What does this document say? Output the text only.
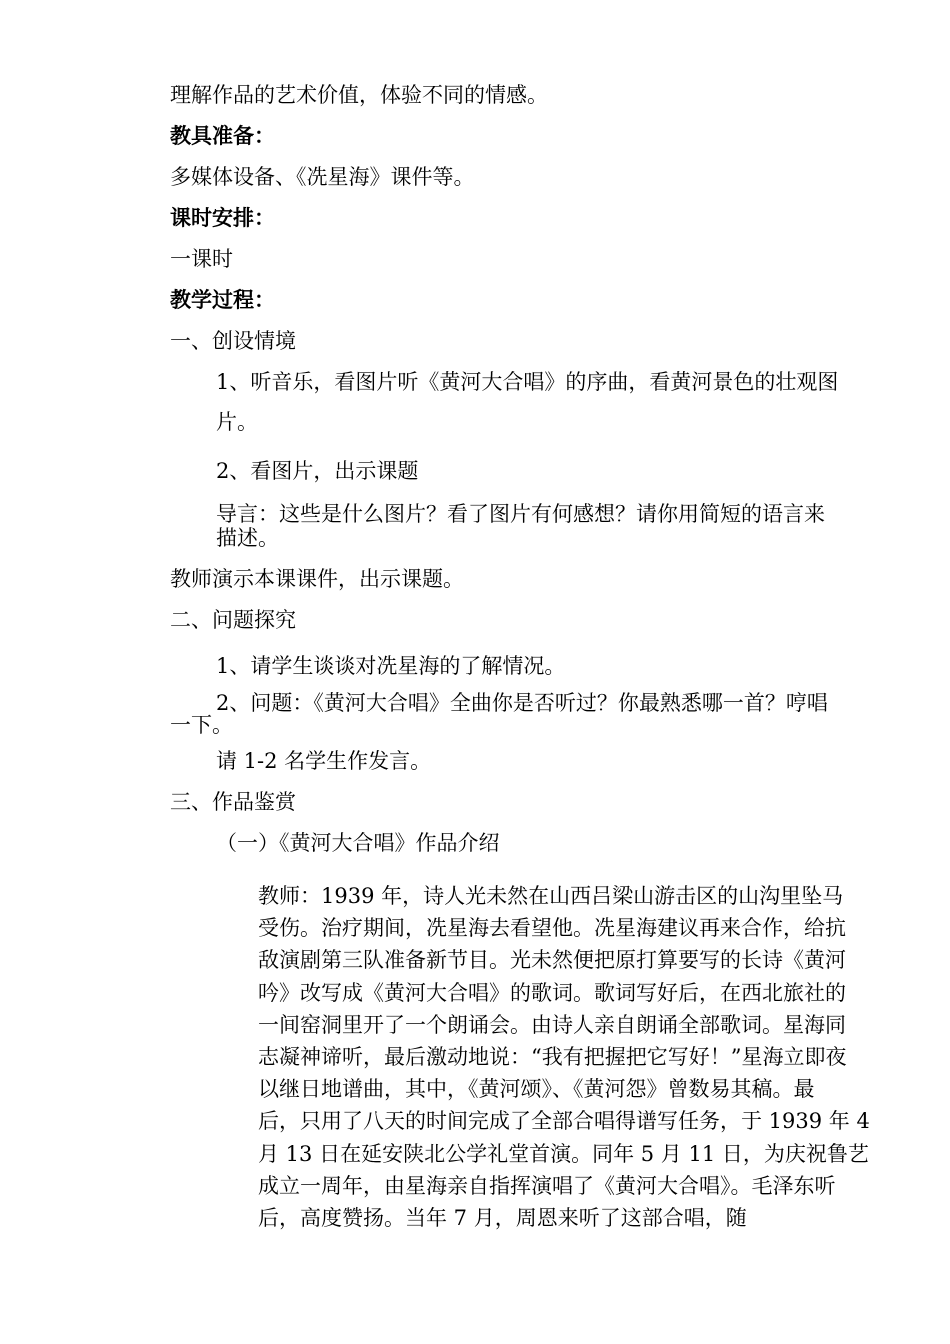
理解作品的艺术价值，体验不同的情感。
教具准备：
多媒体设备、《冼星海》课件等。
课时安排：
一课时
教学过程：
一、创设情境
1、听音乐，看图片听《黄河大合唱》的序曲，看黄河景色的壮观图
片。
2、看图片，出示课题
导言：这些是什么图片？看了图片有何感想？请你用简短的语言来
描述。
教师演示本课课件，出示课题。
二、问题探究
1、请学生谈谈对冼星海的了解情况。
2、问题：《黄河大合唱》全曲你是否听过？你最熟悉哪一首？哼唱
一下。
请 1-2 名学生作发言。
三、作品鉴赏
（一）《黄河大合唱》作品介绍
教师：1939 年，诗人光未然在山西吕梁山游击区的山沟里坠马
受伤。治疗期间，冼星海去看望他。冼星海建议再来合作，给抗
敌演剧第三队准备新节目。光未然便把原打算要写的长诗《黄河
吟》改写成《黄河大合唱》的歌词。歌词写好后，在西北旅社的
一间窑洞里开了一个朗诵会。由诗人亲自朗诵全部歌词。星海同
志凝神谛听，最后激动地说：“我有把握把它写好！”星海立即夜
以继日地谱曲，其中，《黄河颂》、《黄河怨》曾数易其稿。最
后，只用了八天的时间完成了全部合唱得谱写任务，于 1939 年 4
月 13 日在延安陕北公学礼堂首演。同年 5 月 11 日，为庆祝鲁艺
成立一周年，由星海亲自指挥演唱了《黄河大合唱》。毛泽东听
后，高度赞扬。当年 7 月，周恩来听了这部合唱，随
